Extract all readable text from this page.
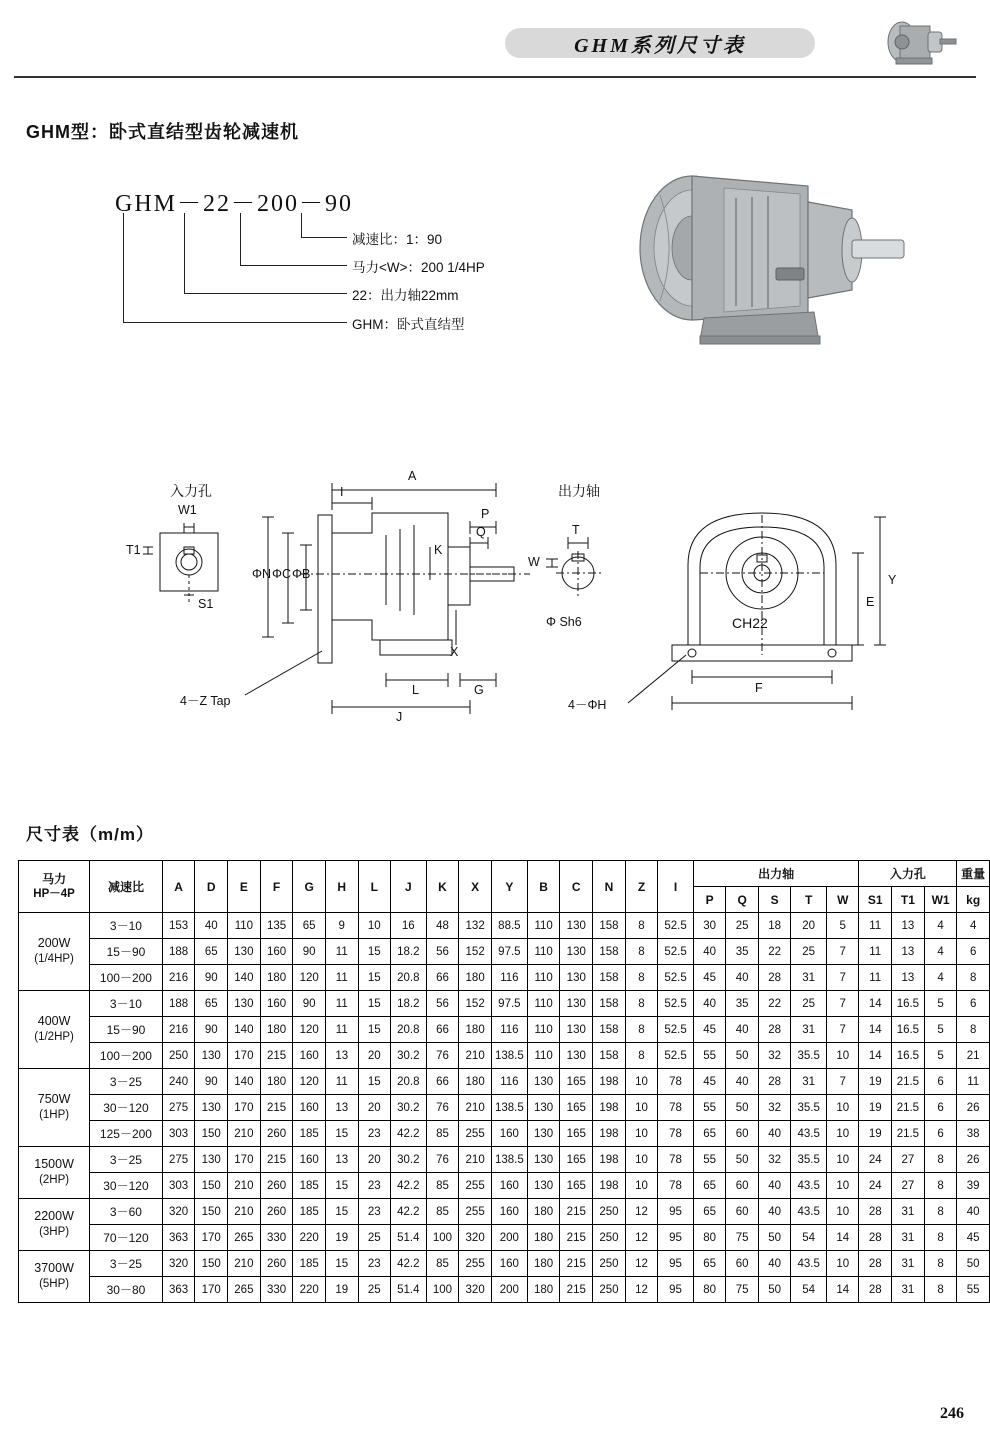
GHM系列尺寸表
GHM型：卧式直结型齿轮减速机
GHM－22－200－90
减速比：1：90
马力<W>：200 1/4HP
22：出力轴22mm
GHM：卧式直结型
入力孔	出力轴
W1
T1
S1
A
I
P
Q
K
X
L	G
J
ΦN ΦC ΦB
4－Z Tap
T
W
Φ Sh6	CH22
Y
E
F
4－ΦH
尺寸表（m/m）
马力
HP－4P	减速比	A	D	E	F	G	H	L	J	K	X	Y	B	C	N	Z	I	出力轴					入力孔			重量
																		P	Q	S	T	W	S1	T1	W1	kg
200W
(1/4HP)	3－10	153	40	110	135	65	9	10	16	48	132	88.5	110	130	158	8	52.5	30	25	18	20	5	11	13	4	4
	15－90	188	65	130	160	90	11	15	18.2	56	152	97.5	110	130	158	8	52.5	40	35	22	25	7	11	13	4	6
	100－200	216	90	140	180	120	11	15	20.8	66	180	116	110	130	158	8	52.5	45	40	28	31	7	11	13	4	8
400W
(1/2HP)	3－10	188	65	130	160	90	11	15	18.2	56	152	97.5	110	130	158	8	52.5	40	35	22	25	7	14	16.5	5	6
	15－90	216	90	140	180	120	11	15	20.8	66	180	116	110	130	158	8	52.5	45	40	28	31	7	14	16.5	5	8
	100－200	250	130	170	215	160	13	20	30.2	76	210	138.5	110	130	158	8	52.5	55	50	32	35.5	10	14	16.5	5	21
750W
(1HP)	3－25	240	90	140	180	120	11	15	20.8	66	180	116	130	165	198	10	78	45	40	28	31	7	19	21.5	6	11
	30－120	275	130	170	215	160	13	20	30.2	76	210	138.5	130	165	198	10	78	55	50	32	35.5	10	19	21.5	6	26
	125－200	303	150	210	260	185	15	23	42.2	85	255	160	130	165	198	10	78	65	60	40	43.5	10	19	21.5	6	38
1500W
(2HP)	3－25	275	130	170	215	160	13	20	30.2	76	210	138.5	130	165	198	10	78	55	50	32	35.5	10	24	27	8	26
	30－120	303	150	210	260	185	15	23	42.2	85	255	160	130	165	198	10	78	65	60	40	43.5	10	24	27	8	39
2200W
(3HP)	3－60	320	150	210	260	185	15	23	42.2	85	255	160	180	215	250	12	95	65	60	40	43.5	10	28	31	8	40
	70－120	363	170	265	330	220	19	25	51.4	100	320	200	180	215	250	12	95	80	75	50	54	14	28	31	8	45
3700W
(5HP)	3－25	320	150	210	260	185	15	23	42.2	85	255	160	180	215	250	12	95	65	60	40	43.5	10	28	31	8	50
	30－80	363	170	265	330	220	19	25	51.4	100	320	200	180	215	250	12	95	80	75	50	54	14	28	31	8	55
246
